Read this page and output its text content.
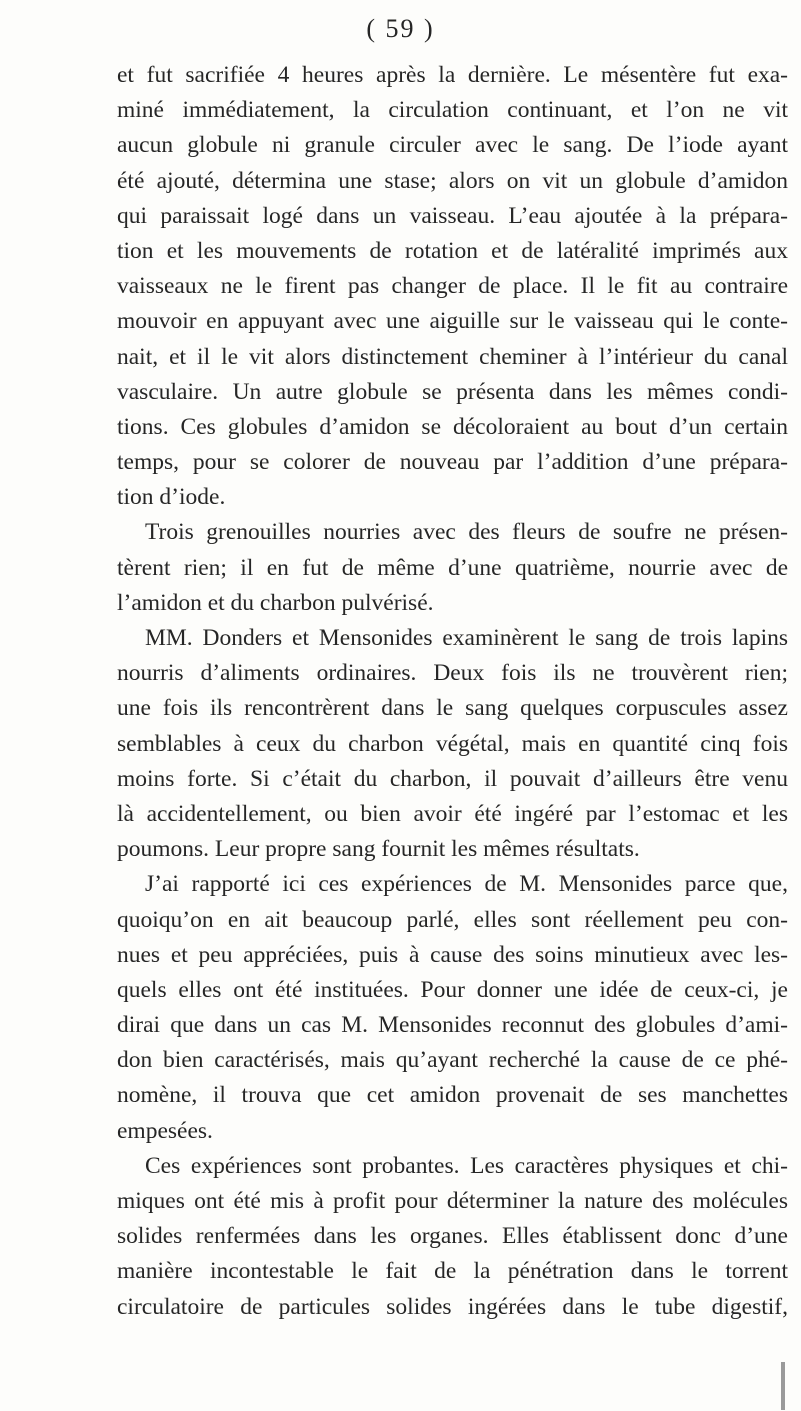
( 59 )
et fut sacrifiée 4 heures après la dernière. Le mésentère fut exa-
miné immédiatement, la circulation continuant, et l’on ne vit
aucun globule ni granule circuler avec le sang. De l’iode ayant
été ajouté, détermina une stase; alors on vit un globule d’amidon
qui paraissait logé dans un vaisseau. L’eau ajoutée à la prépara-
tion et les mouvements de rotation et de latéralité imprimés aux
vaisseaux ne le firent pas changer de place. Il le fit au contraire
mouvoir en appuyant avec une aiguille sur le vaisseau qui le conte-
nait, et il le vit alors distinctement cheminer à l’intérieur du canal
vasculaire. Un autre globule se présenta dans les mêmes condi-
tions. Ces globules d’amidon se décoloraient au bout d’un certain
temps, pour se colorer de nouveau par l’addition d’une prépara-
tion d’iode.
Trois grenouilles nourries avec des fleurs de soufre ne présen-
tèrent rien; il en fut de même d’une quatrième, nourrie avec de
l’amidon et du charbon pulvérisé.
MM. Donders et Mensonides examinèrent le sang de trois lapins
nourris d’aliments ordinaires. Deux fois ils ne trouvèrent rien;
une fois ils rencontrèrent dans le sang quelques corpuscules assez
semblables à ceux du charbon végétal, mais en quantité cinq fois
moins forte. Si c’était du charbon, il pouvait d’ailleurs être venu
là accidentellement, ou bien avoir été ingéré par l’estomac et les
poumons. Leur propre sang fournit les mêmes résultats.
J’ai rapporté ici ces expériences de M. Mensonides parce que,
quoiqu’on en ait beaucoup parlé, elles sont réellement peu con-
nues et peu appréciées, puis à cause des soins minutieux avec les-
quels elles ont été instituées. Pour donner une idée de ceux-ci, je
dirai que dans un cas M. Mensonides reconnut des globules d’ami-
don bien caractérisés, mais qu’ayant recherché la cause de ce phé-
nomène, il trouva que cet amidon provenait de ses manchettes
empesées.
Ces expériences sont probantes. Les caractères physiques et chi-
miques ont été mis à profit pour déterminer la nature des molécules
solides renfermées dans les organes. Elles établissent donc d’une
manière incontestable le fait de la pénétration dans le torrent
circulatoire de particules solides ingérées dans le tube digestif,
